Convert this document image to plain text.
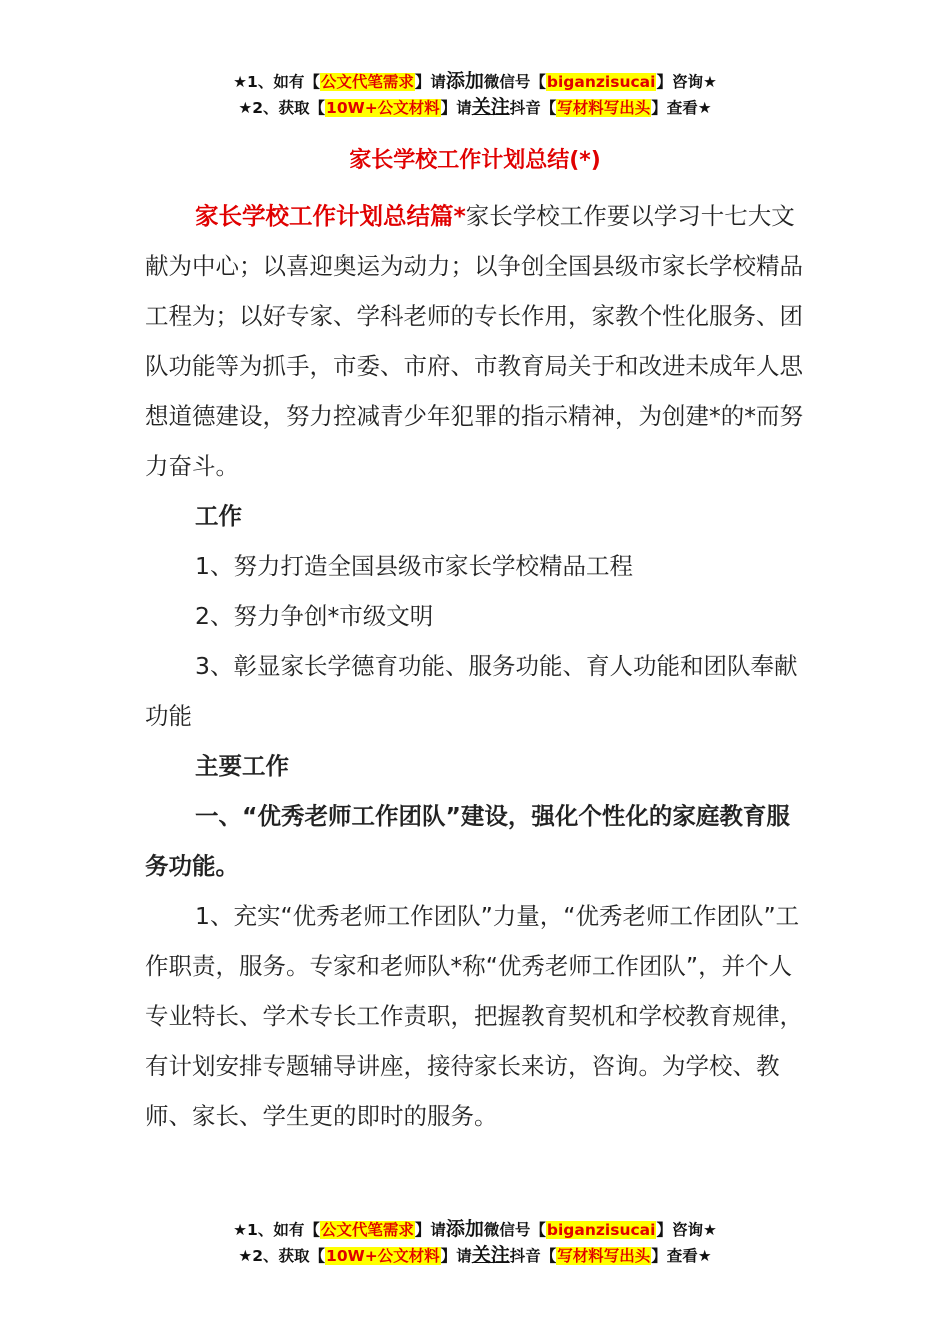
★1、如有【公文代笔需求】请添加微信号【biganzisucai】咨询★
★2、获取【10W+公文材料】请关注抖音【写材料写出头】查看★
家长学校工作计划总结(*)

家长学校工作计划总结篇*家长学校工作要以学习十七大文献为中心；以喜迎奥运为动力；以争创全国县级市家长学校精品工程为；以好专家、学科老师的专长作用，家教个性化服务、团队功能等为抓手，市委、市府、市教育局关于和改进未成年人思想道德建设，努力控减青少年犯罪的指示精神，为创建*的*而努力奋斗。

工作

1、努力打造全国县级市家长学校精品工程

2、努力争创*市级文明

3、彰显家长学德育功能、服务功能、育人功能和团队奉献功能

主要工作

一、“优秀老师工作团队”建设，强化个性化的家庭教育服务功能。

1、充实“优秀老师工作团队”力量，“优秀老师工作团队”工作职责，服务。专家和老师队*称“优秀老师工作团队”，并个人专业特长、学术专长工作责职，把握教育契机和学校教育规律，有计划安排专题辅导讲座，接待家长来访，咨询。为学校、教师、家长、学生更的即时的服务。

★1、如有【公文代笔需求】请添加微信号【biganzisucai】咨询★
★2、获取【10W+公文材料】请关注抖音【写材料写出头】查看★
